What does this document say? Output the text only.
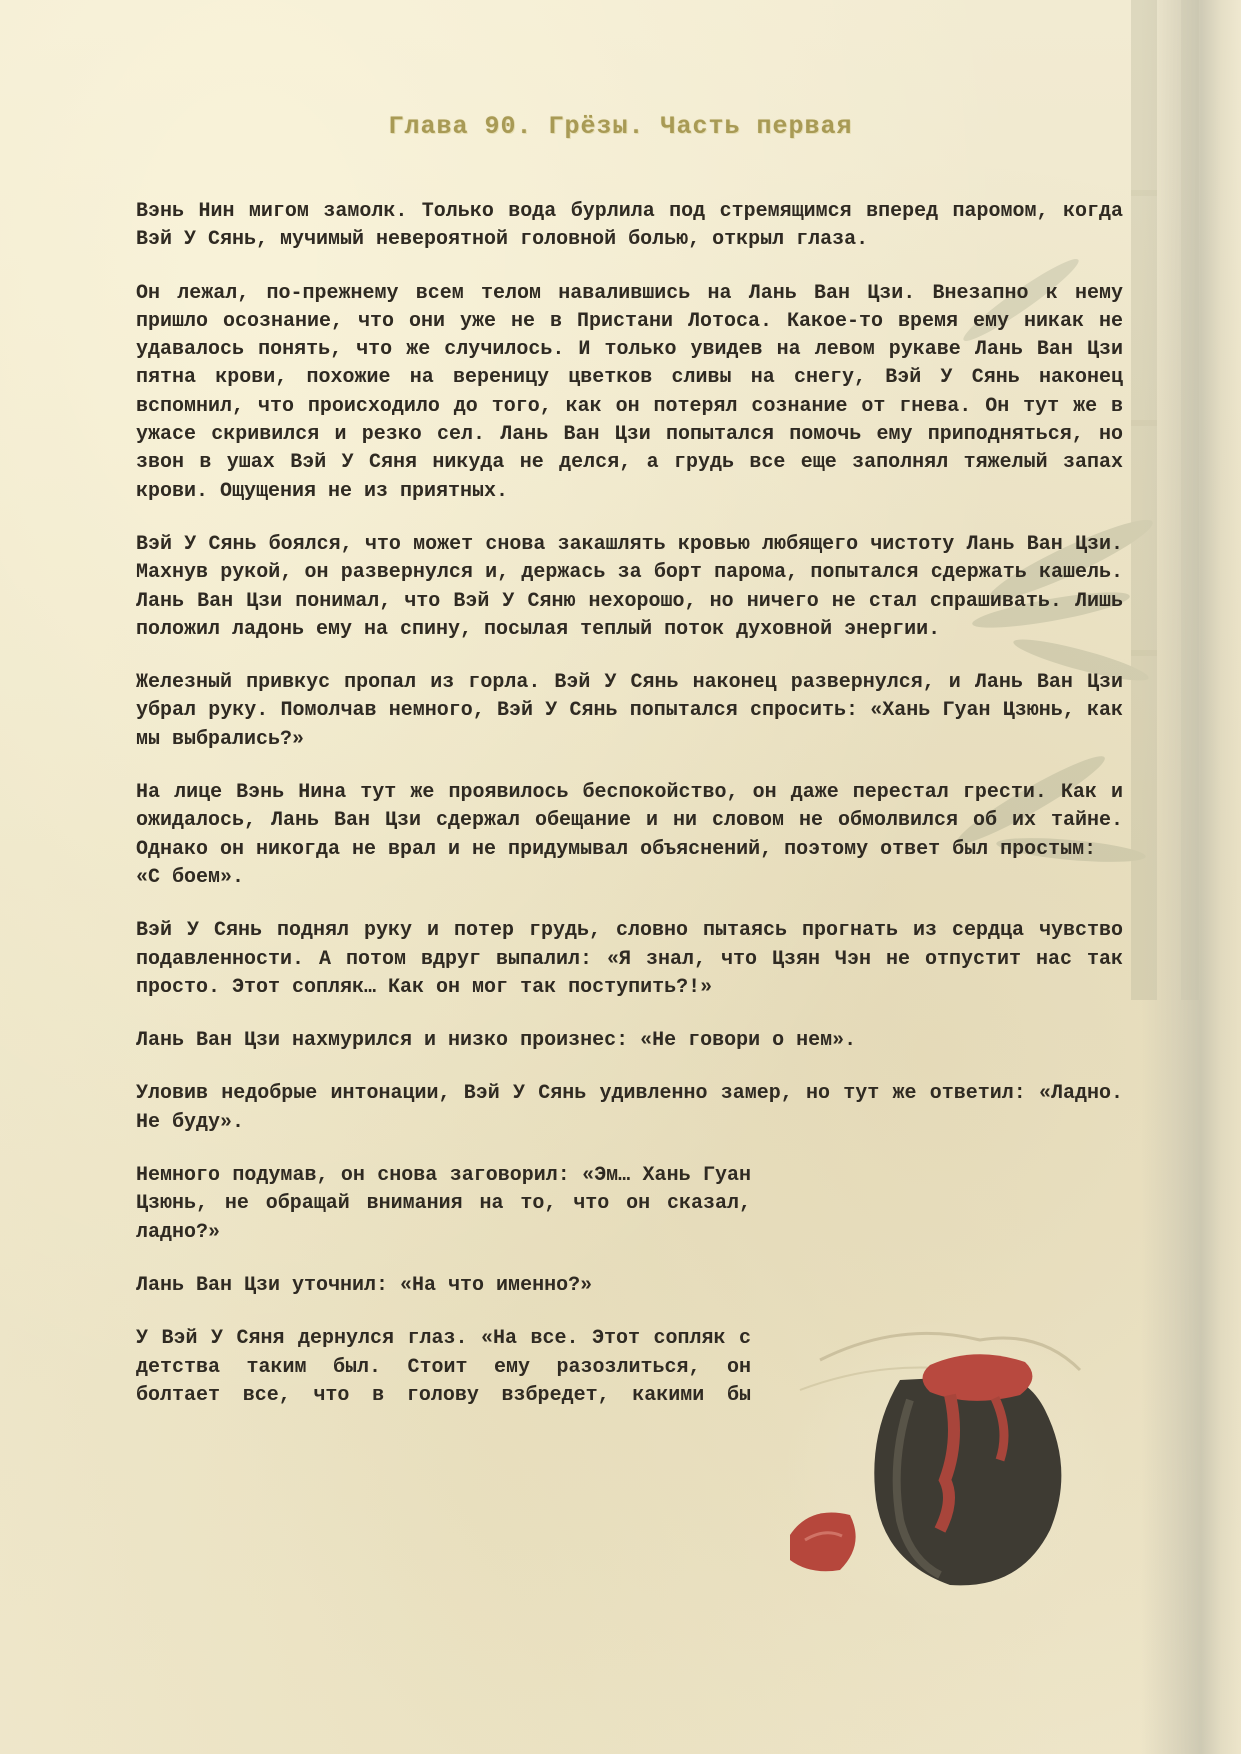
Глава 90. Грёзы. Часть первая

Вэнь Нин мигом замолк. Только вода бурлила под стремящимся вперед паромом, когда Вэй У Сянь, мучимый невероятной головной болью, открыл глаза.

Он лежал, по-прежнему всем телом навалившись на Лань Ван Цзи. Внезапно к нему пришло осознание, что они уже не в Пристани Лотоса. Какое-то время ему никак не удавалось понять, что же случилось. И только увидев на левом рукаве Лань Ван Цзи пятна крови, похожие на вереницу цветков сливы на снегу, Вэй У Сянь наконец вспомнил, что происходило до того, как он потерял сознание от гнева. Он тут же в ужасе скривился и резко сел. Лань Ван Цзи попытался помочь ему приподняться, но звон в ушах Вэй У Сяня никуда не делся, а грудь все еще заполнял тяжелый запах крови. Ощущения не из приятных.

Вэй У Сянь боялся, что может снова закашлять кровью любящего чистоту Лань Ван Цзи. Махнув рукой, он развернулся и, держась за борт парома, попытался сдержать кашель. Лань Ван Цзи понимал, что Вэй У Сяню нехорошо, но ничего не стал спрашивать. Лишь положил ладонь ему на спину, посылая теплый поток духовной энергии.

Железный привкус пропал из горла. Вэй У Сянь наконец развернулся, и Лань Ван Цзи убрал руку. Помолчав немного, Вэй У Сянь попытался спросить: «Хань Гуан Цзюнь, как мы выбрались?»

На лице Вэнь Нина тут же проявилось беспокойство, он даже перестал грести. Как и ожидалось, Лань Ван Цзи сдержал обещание и ни словом не обмолвился об их тайне. Однако он никогда не врал и не придумывал объяснений, поэтому ответ был простым:
«С боем».

Вэй У Сянь поднял руку и потер грудь, словно пытаясь прогнать из сердца чувство подавленности. А потом вдруг выпалил: «Я знал, что Цзян Чэн не отпустит нас так просто. Этот сопляк… Как он мог так поступить?!»

Лань Ван Цзи нахмурился и низко произнес: «Не говори о нем».

Уловив недобрые интонации, Вэй У Сянь удивленно замер, но тут же ответил: «Ладно. Не буду».

Немного подумав, он снова заговорил: «Эм… Хань Гуан Цзюнь, не обращай внимания на то, что он сказал, ладно?»

Лань Ван Цзи уточнил: «На что именно?»

У Вэй У Сяня дернулся глаз. «На все. Этот сопляк с детства таким был. Стоит ему разозлиться, он болтает все, что в голову взбредет, какими бы
